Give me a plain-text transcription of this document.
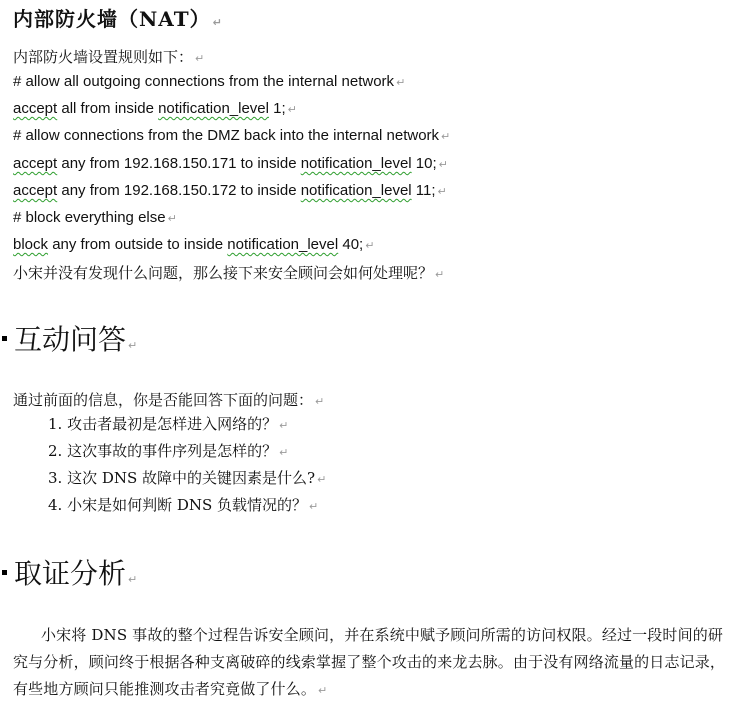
内部防火墙（NAT） ↵
内部防火墙设置规则如下： ↵
# allow all outgoing connections from the internal network ↵
accept all from inside notification_level 1; ↵
# allow connections from the DMZ back into the internal network ↵
accept any from 192.168.150.171 to inside notification_level 10; ↵
accept any from 192.168.150.172 to inside notification_level 11; ↵
# block everything else ↵
block any from outside to inside notification_level 40; ↵
小宋并没有发现什么问题，那么接下来安全顾问会如何处理呢？ ↵
互动问答 ↵
通过前面的信息，你是否能回答下面的问题： ↵
1. 攻击者最初是怎样进入网络的？ ↵
2. 这次事故的事件序列是怎样的？ ↵
3. 这次 DNS 故障中的关键因素是什么? ↵
4. 小宋是如何判断 DNS 负载情况的？ ↵
取证分析 ↵
小宋将 DNS 事故的整个过程告诉安全顾问，并在系统中赋予顾问所需的访问权限。经过一段时间的研究与分析，顾问终于根据各种支离破碎的线索掌握了整个攻击的来龙去脉。由于没有网络流量的日志记录，有些地方顾问只能推测攻击者究竟做了什么。 ↵
